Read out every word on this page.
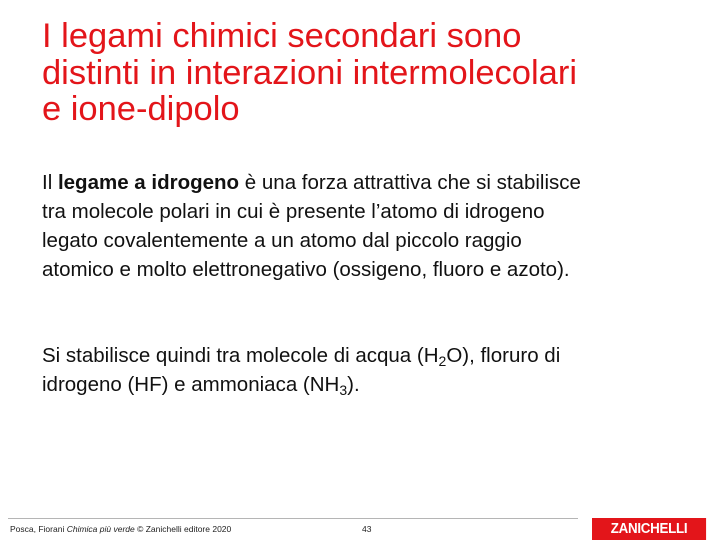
I legami chimici secondari sono
distinti in interazioni intermolecolari
e ione-dipolo
Il legame a idrogeno è una forza attrattiva che si stabilisce
tra molecole polari in cui è presente l’atomo di idrogeno
legato covalentemente a un atomo dal piccolo raggio
atomico e molto elettronegativo (ossigeno, fluoro e azoto).
Si stabilisce quindi tra molecole di acqua $(H_2O)$, floruro di
idrogeno (HF) e ammoniaca $(NH_3)$.
Posca, Fiorani Chimica più verde © Zanichelli editore 2020	43	ZANICHELLI
